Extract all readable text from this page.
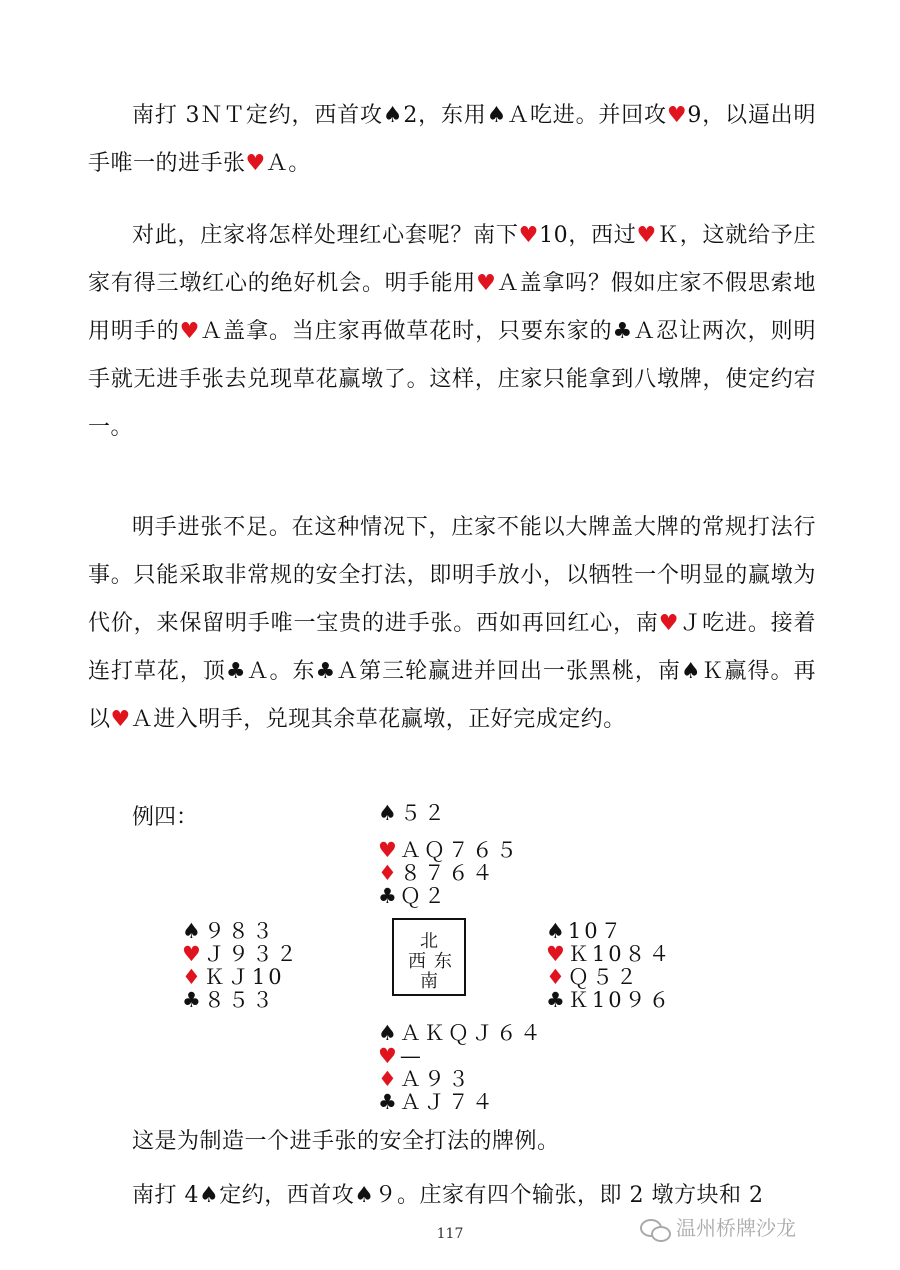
南打 3ＮＴ定约，西首攻♠2，东用♠Ａ吃进。并回攻♥9，以逼出明手唯一的进手张♥Ａ。

对此，庄家将怎样处理红心套呢？南下♥10，西过♥Ｋ，这就给予庄家有得三墩红心的绝好机会。明手能用♥Ａ盖拿吗？假如庄家不假思索地用明手的♥Ａ盖拿。当庄家再做草花时，只要东家的♣Ａ忍让两次，则明手就无进手张去兑现草花赢墩了。这样，庄家只能拿到八墩牌，使定约宕一。

明手进张不足。在这种情况下，庄家不能以大牌盖大牌的常规打法行事。只能采取非常规的安全打法，即明手放小，以牺牲一个明显的赢墩为代价，来保留明手唯一宝贵的进手张。西如再回红心，南♥Ｊ吃进。接着连打草花，顶♣Ａ。东♣Ａ第三轮赢进并回出一张黑桃，南♠Ｋ赢得。再以♥Ａ进入明手，兑现其余草花赢墩，正好完成定约。

例四：	♠５２
♥ＡＱ７６５
♦８７６４
♣Ｑ２
♠９８３
♥Ｊ９３２
♦ＫＪ10
♣８５３
北
西 东
南
♠10７
♥Ｋ10８４
♦Ｑ５２
♣Ｋ10９６
♠ＡＫＱＪ６４
♥—
♦Ａ９３
♣ＡＪ７４

这是为制造一个进手张的安全打法的牌例。

南打 4♠定约，西首攻♠９。庄家有四个输张，即 2 墩方块和 2

117	温州桥牌沙龙
